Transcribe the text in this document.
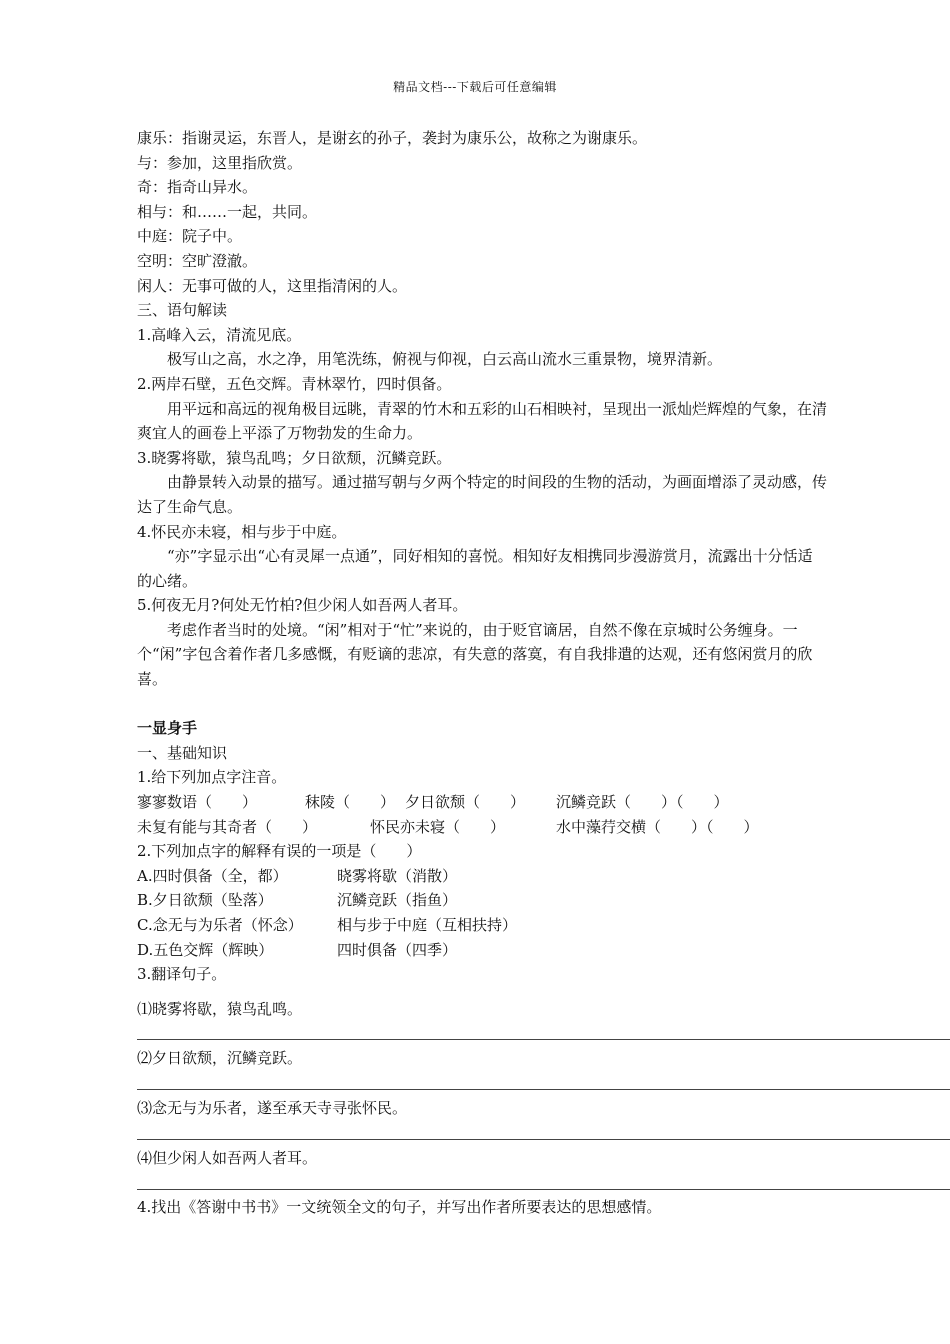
精品文档---下载后可任意编辑
康乐：指谢灵运，东晋人，是谢玄的孙子，袭封为康乐公，故称之为谢康乐。
与：参加，这里指欣赏。
奇：指奇山异水。
相与：和……一起，共同。
中庭：院子中。
空明：空旷澄澈。
闲人：无事可做的人，这里指清闲的人。
三、语句解读
1.高峰入云，清流见底。
极写山之高，水之净，用笔洗练，俯视与仰视，白云高山流水三重景物，境界清新。
2.两岸石壁，五色交辉。青林翠竹，四时俱备。
用平远和高远的视角极目远眺，青翠的竹木和五彩的山石相映衬，呈现出一派灿烂辉煌的气象，在清爽宜人的画卷上平添了万物勃发的生命力。
3.晓雾将歇，猿鸟乱鸣；夕日欲颓，沉鳞竞跃。
由静景转入动景的描写。通过描写朝与夕两个特定的时间段的生物的活动，为画面增添了灵动感，传达了生命气息。
4.怀民亦未寝，相与步于中庭。
“亦”字显示出“心有灵犀一点通”，同好相知的喜悦。相知好友相携同步漫游赏月，流露出十分恬适的心绪。
5.何夜无月?何处无竹柏?但少闲人如吾两人者耳。
考虑作者当时的处境。“闲”相对于“忙”来说的，由于贬官谪居，自然不像在京城时公务缠身。一个“闲”字包含着作者几多感慨，有贬谪的悲凉，有失意的落寞，有自我排遣的达观，还有悠闲赏月的欣喜。
一显身手
一、基础知识
1.给下列加点字注音。
寥寥数语（　　）	秣陵（　　） 夕日欲颓（　　） 沉鳞竞跃（　　）（　　）
未复有能与其奇者（　　）	怀民亦未寝（　　）	水中藻荇交横（　　）（　　）
2.下列加点字的解释有误的一项是（　　）
A.四时俱备（全，都）	晓雾将歇（消散）
B.夕日欲颓（坠落）	沉鳞竞跃（指鱼）
C.念无与为乐者（怀念） 相与步于中庭（互相扶持）
D.五色交辉（辉映）	四时俱备（四季）
3.翻译句子。
⑴晓雾将歇，猿鸟乱鸣。
⑵夕日欲颓，沉鳞竞跃。
⑶念无与为乐者，遂至承天寺寻张怀民。
⑷但少闲人如吾两人者耳。
4.找出《答谢中书书》一文统领全文的句子，并写出作者所要表达的思想感情。
